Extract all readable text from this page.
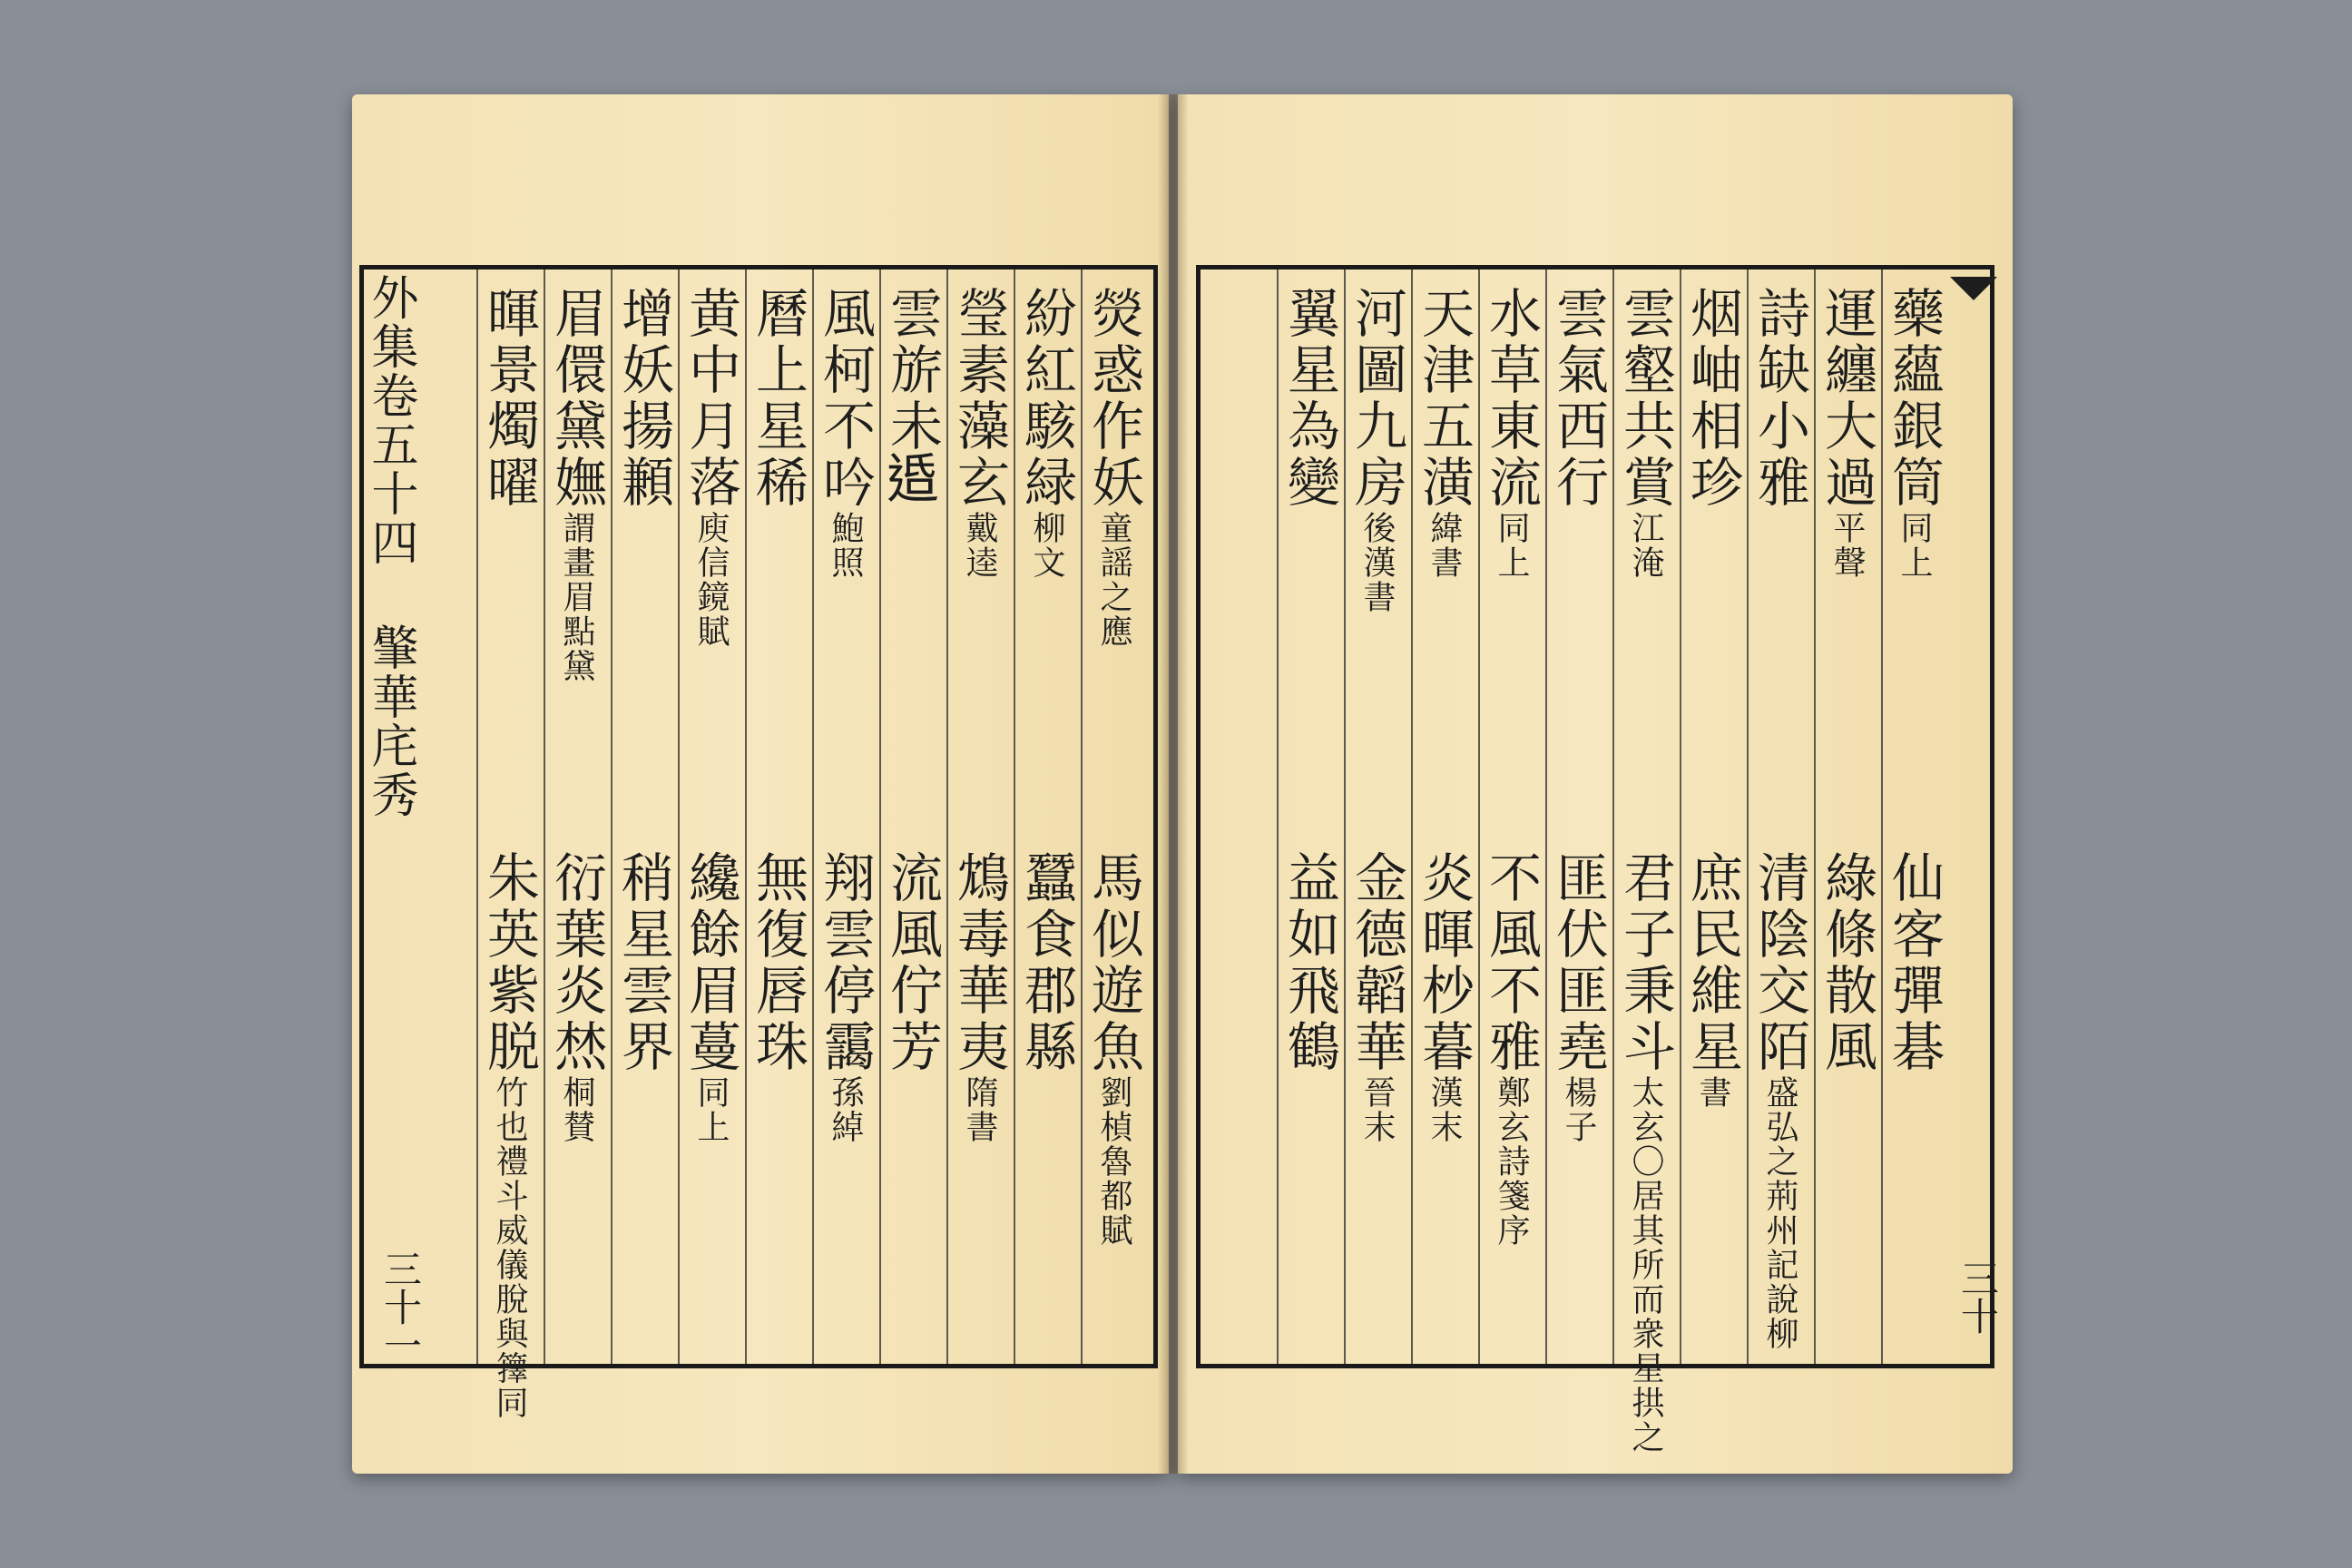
外集卷五十四
𦘦華㡯秀
三十一
熒惑作妖童謡之應
馬似遊魚劉楨魯都賦
紛紅駭緑柳文
蠶食郡縣
瑩素藻玄戴逵
鴆毒華夷隋書
雲旂未𨓈
流風佇芳
風柯不吟鮑照
翔雲停靄孫綽
曆上星稀
無復唇珠
黄中月落庾信鏡賦
纔餘眉蔓同上
增妖揚䫡
稍星雲界
眉儇黛嫵謂畫眉點黛
衍葉炎㷊桐賛
暉景燭曜
朱英紫脱竹也禮斗威儀脫與籜同	三十
藥蘊銀筒同上
仙客彈碁
運纏大過平聲
綠條散風
詩缺小雅
清陰交陌盛弘之荊州記說柳
烟岫相珍
庶民維星書
雲壑共賞江淹
君子秉斗太玄〇居其所而衆星拱之
雲氣西行
匪伏匪堯楊子
水草東流同上
不風不雅鄭玄詩箋序
天津五潢緯書
炎暉杪暮漢末
河圖九房後漢書
金德韜華晉末
翼星為變
益如飛鶴
